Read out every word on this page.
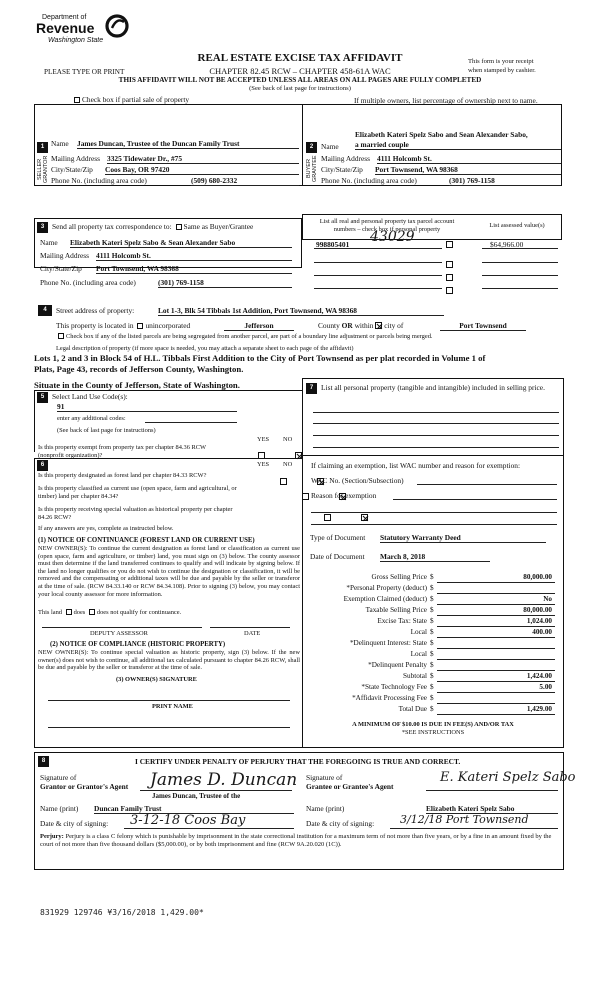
Department of
Revenue
Washington State
REAL ESTATE EXCISE TAX AFFIDAVIT
PLEASE TYPE OR PRINT	CHAPTER 82.45 RCW – CHAPTER 458-61A WAC
This form is your receipt
when stamped by cashier.
THIS AFFIDAVIT WILL NOT BE ACCEPTED UNLESS ALL AREAS ON ALL PAGES ARE FULLY COMPLETED
(See back of last page for instructions)
Check box if partial sale of property	If multiple owners, list percentage of ownership next to name.
1
SELLER GRANTOR
Name James Duncan, Trustee of the Duncan Family Trust
Mailing Address 3325 Tidewater Dr., #75
City/State/Zip Coos Bay, OR 97420
Phone No. (including area code)	(509) 680-2332
2
BUYER GRANTEE
Name
Elizabeth Kateri Spelz Sabo and Sean Alexander Sabo,
a married couple
Mailing Address 4111 Holcomb St.
City/State/Zip Port Townsend, WA 98368
Phone No. (including area code)	(301) 769-1158
3	Send all property tax correspondence to: Same as Buyer/Grantee
Name Elizabeth Kateri Spelz Sabo & Sean Alexander Sabo
Mailing Address 4111 Holcomb St.
City/State/Zip Port Townsend, WA 98368
Phone No. (including area code)	(301) 769-1158
List all real and personal property tax parcel account
numbers – check box if personal property
List assessed value(s)
998805401 43029	$64,966.00
4	Street address of property:	Lot 1-3, Blk 54 Tibbals 1st Addition, Port Townsend, WA 98368
This property is located in unincorporated	Jefferson	County OR within city of	Port Townsend
Check box if any of the listed parcels are being segregated from another parcel, are part of a boundary line adjustment or parcels being merged.
Legal description of property (if more space is needed, you may attach a separate sheet to each page of the affidavit)
Lots 1, 2 and 3 in Block 54 of H.L. Tibbals First Addition to the City of Port Townsend as per plat recorded in Volume 1 of
Plats, Page 43, records of Jefferson County, Washington.
Situate in the County of Jefferson, State of Washington.
5	Select Land Use Code(s):
91
enter any additional codes:
(See back of last page for instructions)
YES NO
Is this property exempt from property tax per chapter 84.36 RCW (nonprofit organization)?

6	YES NO
Is this property designated as forest land per chapter 84.33 RCW?

Is this property classified as current use (open space, farm and agricultural, or timber) land per chapter 84.34?

Is this property receiving special valuation as historical property per chapter 84.26 RCW?

If any answers are yes, complete as instructed below.
(1) NOTICE OF CONTINUANCE (FOREST LAND OR CURRENT USE)
NEW OWNER(S): To continue the current designation as forest land or classification as current use (open space, farm and agriculture, or timber) land, you must sign on (3) below. The county assessor must then determine if the land transferred continues to qualify and will indicate by signing below. If the land no longer qualifies or you do not wish to continue the designation or classification, it will be removed and the compensating or additional taxes will be due and payable by the seller or transferor at the time of sale. (RCW 84.33.140 or RCW 84.34.108). Prior to signing (3) below, you may contact your local county assessor for more information.
This land does does not qualify for continuance.
DEPUTY ASSESSOR	DATE
(2) NOTICE OF COMPLIANCE (HISTORIC PROPERTY)
NEW OWNER(S): To continue special valuation as historic property, sign (3) below. If the new owner(s) does not wish to continue, all additional tax calculated pursuant to chapter 84.26 RCW, shall be due and payable by the seller or transferor at the time of sale.
(3) OWNER(S) SIGNATURE
PRINT NAME
7	List all personal property (tangible and intangible) included in selling price.
If claiming an exemption, list WAC number and reason for exemption:
WAC No. (Section/Subsection)
Reason for exemption
Type of Document Statutory Warranty Deed
Date of Document March 8, 2018
Gross Selling Price $	80,000.00
*Personal Property (deduct) $
Exemption Claimed (deduct) $	No
Taxable Selling Price $	80,000.00
Excise Tax: State $	1,024.00
Local $	400.00
*Delinquent Interest: State $
Local $
*Delinquent Penalty $
Subtotal $	1,424.00
*State Technology Fee $	5.00
*Affidavit Processing Fee $
Total Due $	1,429.00
A MINIMUM OF $10.00 IS DUE IN FEE(S) AND/OR TAX
*SEE INSTRUCTIONS
8	I CERTIFY UNDER PENALTY OF PERJURY THAT THE FOREGOING IS TRUE AND CORRECT.
Signature of
Grantor or Grantor's Agent James D. Duncan
James Duncan, Trustee of the
Name (print) Duncan Family Trust
Date & city of signing:	3-12-18 Coos Bay
Signature of
Grantee or Grantee's Agent
E. Kateri Spelz Sabo
Name (print)	Elizabeth Kateri Spelz Sabo
Date & city of signing:	3/12/18 Port Townsend
Perjury: Perjury is a class C felony which is punishable by imprisonment in the state correctional institution for a maximum term of not more than five years, or by a fine in an amount fixed by the court of not more than five thousand dollars ($5,000.00), or by both imprisonment and fine (RCW 9A.20.020 (1C)).
831929 129746 ¥3/16/2018 1,429.00*
